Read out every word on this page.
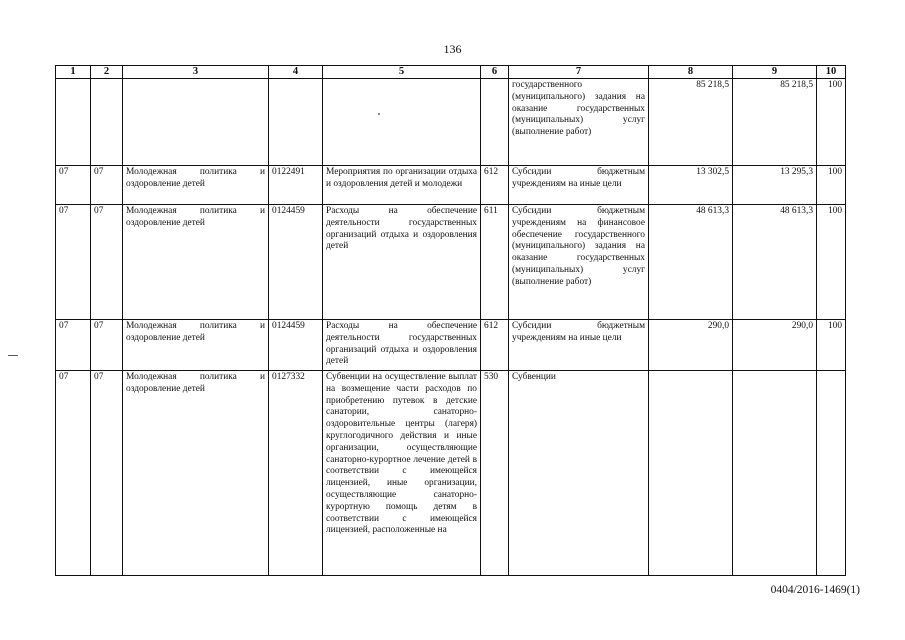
136
1	2	3	4	5	6	7	8	9	10
						государственного (муниципального) задания на оказание государственных (муниципальных) услуг (выполнение работ)	85 218,5	85 218,5	100
07	07	Молодежная политика и оздоровление детей	0122491	Мероприятия по организации отдыха и оздоровления детей и молодежи	612	Субсидии бюджетным учреждениям на иные цели	13 302,5	13 295,3	100
07	07	Молодежная политика и оздоровление детей	0124459	Расходы на обеспечение деятельности государственных организаций отдыха и оздоровления детей	611	Субсидии бюджетным учреждениям на финансовое обеспечение государственного (муниципального) задания на оказание государственных (муниципальных) услуг (выполнение работ)	48 613,3	48 613,3	100
07	07	Молодежная политика и оздоровление детей	0124459	Расходы на обеспечение деятельности государственных организаций отдыха и оздоровления детей	612	Субсидии бюджетным учреждениям на иные цели	290,0	290,0	100
07	07	Молодежная политика и оздоровление детей	0127332	Субвенции на осуществление выплат на возмещение части расходов по приобретению путевок в детские санатории, санаторно-оздоровительные центры (лагеря) круглогодичного действия и иные организации, осуществляющие санаторно-курортное лечение детей в соответствии с имеющейся лицензией, иные организации, осуществляющие санаторно-курортную помощь детям в соответствии с имеющейся лицензией, расположенные на	530	Субвенции			
0404/2016-1469(1)
